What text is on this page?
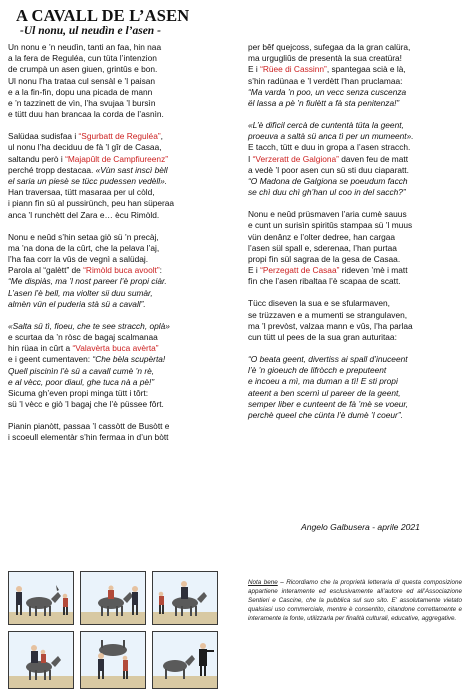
A CAVALL DE L’ASEN
-Ul nonu, ul neudìn e l’asen -
Un nonu e ’n neudìn, tanti an faa, hin naa
a la fera de Reguléa, cun tüta l’intenzion
de crumpà un asen giuen, grintûs e bon.
Ul nonu l’ha trataa cul sensàl e ’l paisan
e a la fin-fin, dopu una picada de mann
e ’n tazzinett de vìn, l’ha svujaa ’l bursìn
e tütt duu han brancaa la corda de l’asnìn.
Salüdaa sudisfaa i “Sgurbatt de Reguléa”,
ul nonu l’ha deciduu de fà ’l gîr de Casaa,
saltandu però i “Majapûlt de Campfiureenz”
perché tropp destacaa. «Vùn sast inscì bèll
el saria un piesè se tücc pudessen vedèll».
Han traversaa, tütt masaraa per ul còld,
i piann fìn sü al pussirünch, peu han süperaa
anca ’l runchètt del Zara e… ècu Rimòld.
Nonu e neûd s’hin setaa giò sü ’n precàj,
ma ’na dona de la cûrt, che la pelava l’aj,
l’ha faa corr la vûs de vegnì a salüdaj.
Parola al “galètt” de “Rimòld buca avoolt”:
“Me dispiàs, ma ’l nost pareer l’è propi ciàr.
L’asen l’è bell, ma violter sii duu sumàr,
almèn vün el puderia stà sü a cavall”.
«Salta sü tì, fioeu, che te see stracch, oplà»
e scurtaa da ’n ròsc de bagaj scalmanaa
hin rüaa in cûrt a “Valavèrta buca avèrta”
e i geent cumentaven: “Che bèla scupèrta!
Quell piscinìn l’è sü a cavall cumè ’n rè,
e al vècc, poor diaul, ghe tuca nà a pè!”
Sicuma gh’even propi minga tütt i tôrt:
sü ’l vècc e giò ’l bagaj che l’è püssee fôrt.
Pianin pianòtt, passaa ’l cassòtt de Busòtt e
i scoeull elementàr s’hin fermaa in d’un bòtt
per bêf quejcoss, sufegaa da la gran calüra,
ma urgugliûs de presentà la sua creatüra!
E i “Rüee di Cassinn”, spantegaa scià e là,
s’hin radünaa e ’l verdètt l’han pruclamaa:
“Ma varda ’n poo, un vecc senza cuscenza
ël lassa a pè ’n fiulètt a fà sta penitenza!”
«L’è difìcil cercà de cuntentà tüta la geent,
proeuva a saltà sü anca tì per un mumeent».
E tacch, tütt e duu in gropa a l’asen stracch.
I “Verzeratt de Galgiona” daven feu de matt
a vedè ’l poor asen cun sü sti duu ciaparatt.
“O Madona de Galgiona se poeudum facch
se chì duu chì gh’han ul coo in del sacch?”
Nonu e neûd prüsmaven l’aria cumè sauus
e cunt un surisìn spiritûs stampaa sü ’l muus
vün denânz e l’olter dedree, han cargaa
l’asen sül spall e, sderenaa, l’han purtaa
propi fìn sül sagraa de la gesa de Casaa.
E i “Perzegatt de Casaa” rideven ’mè i matt
fìn che l’asen ribaltaa l’è scapaa de scatt.
Tücc diseven la sua e se sfularmaven,
se trüzzaven e a mumenti se strangulaven,
ma ’l prevòst, valzaa mann e vûs, l’ha parlaa
cun tütt ul pees de la sua gran auturitaa:
“O beata geent, divertiss ai spall d’inuceent
l’è ’n gioeuch de lifròcch e preputeent
e incoeu a mì, ma duman a tì! E sti propi
ateent a ben scernì ul pareer de la geent,
semper liber e cunteent de fà ’mè se voeur,
perchè queel che cünta l’è dumè ’l coeur”.
Angelo Galbusera - aprile 2021
Nota bene – Ricordiamo che la proprietà letteraria di questa composizione appartiene interamente ed esclusivamente all’autore ed all’Associazione Sentieri e Cascine, che la pubblica sul suo sito. E’ assolutamente vietato qualsiasi uso commerciale, mentre è consentito, citandone correttamente e interamente la fonte, utilizzarla per finalità culturali, educative, aggregative.
